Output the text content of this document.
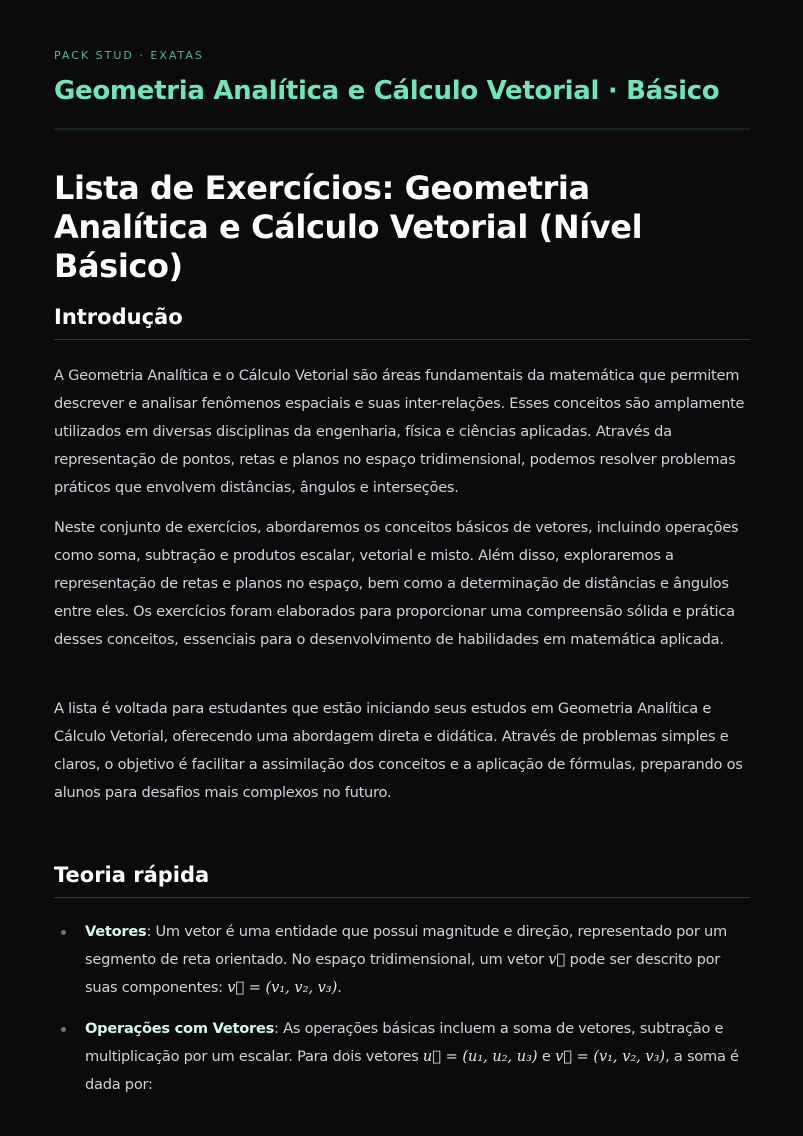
PACK STUD · EXATAS
Geometria Analítica e Cálculo Vetorial · Básico
Lista de Exercícios: Geometria Analítica e Cálculo Vetorial (Nível Básico)
Introdução

A Geometria Analítica e o Cálculo Vetorial são áreas fundamentais da matemática que permitem descrever e analisar fenômenos espaciais e suas inter-relações. Esses conceitos são amplamente utilizados em diversas disciplinas da engenharia, física e ciências aplicadas. Através da representação de pontos, retas e planos no espaço tridimensional, podemos resolver problemas práticos que envolvem distâncias, ângulos e interseções.

Neste conjunto de exercícios, abordaremos os conceitos básicos de vetores, incluindo operações como soma, subtração e produtos escalar, vetorial e misto. Além disso, exploraremos a representação de retas e planos no espaço, bem como a determinação de distâncias e ângulos entre eles. Os exercícios foram elaborados para proporcionar uma compreensão sólida e prática desses conceitos, essenciais para o desenvolvimento de habilidades em matemática aplicada.

A lista é voltada para estudantes que estão iniciando seus estudos em Geometria Analítica e Cálculo Vetorial, oferecendo uma abordagem direta e didática. Através de problemas simples e claros, o objetivo é facilitar a assimilação dos conceitos e a aplicação de fórmulas, preparando os alunos para desafios mais complexos no futuro.

Teoria rápida
Vetores: Um vetor é uma entidade que possui magnitude e direção, representado por um segmento de reta orientado. No espaço tridimensional, um vetor v⃗ pode ser descrito por suas componentes: v⃗ = (v₁, v₂, v₃).
Operações com Vetores: As operações básicas incluem a soma de vetores, subtração e multiplicação por um escalar. Para dois vetores u⃗ = (u₁, u₂, u₃) e v⃗ = (v₁, v₂, v₃), a soma é dada por:
